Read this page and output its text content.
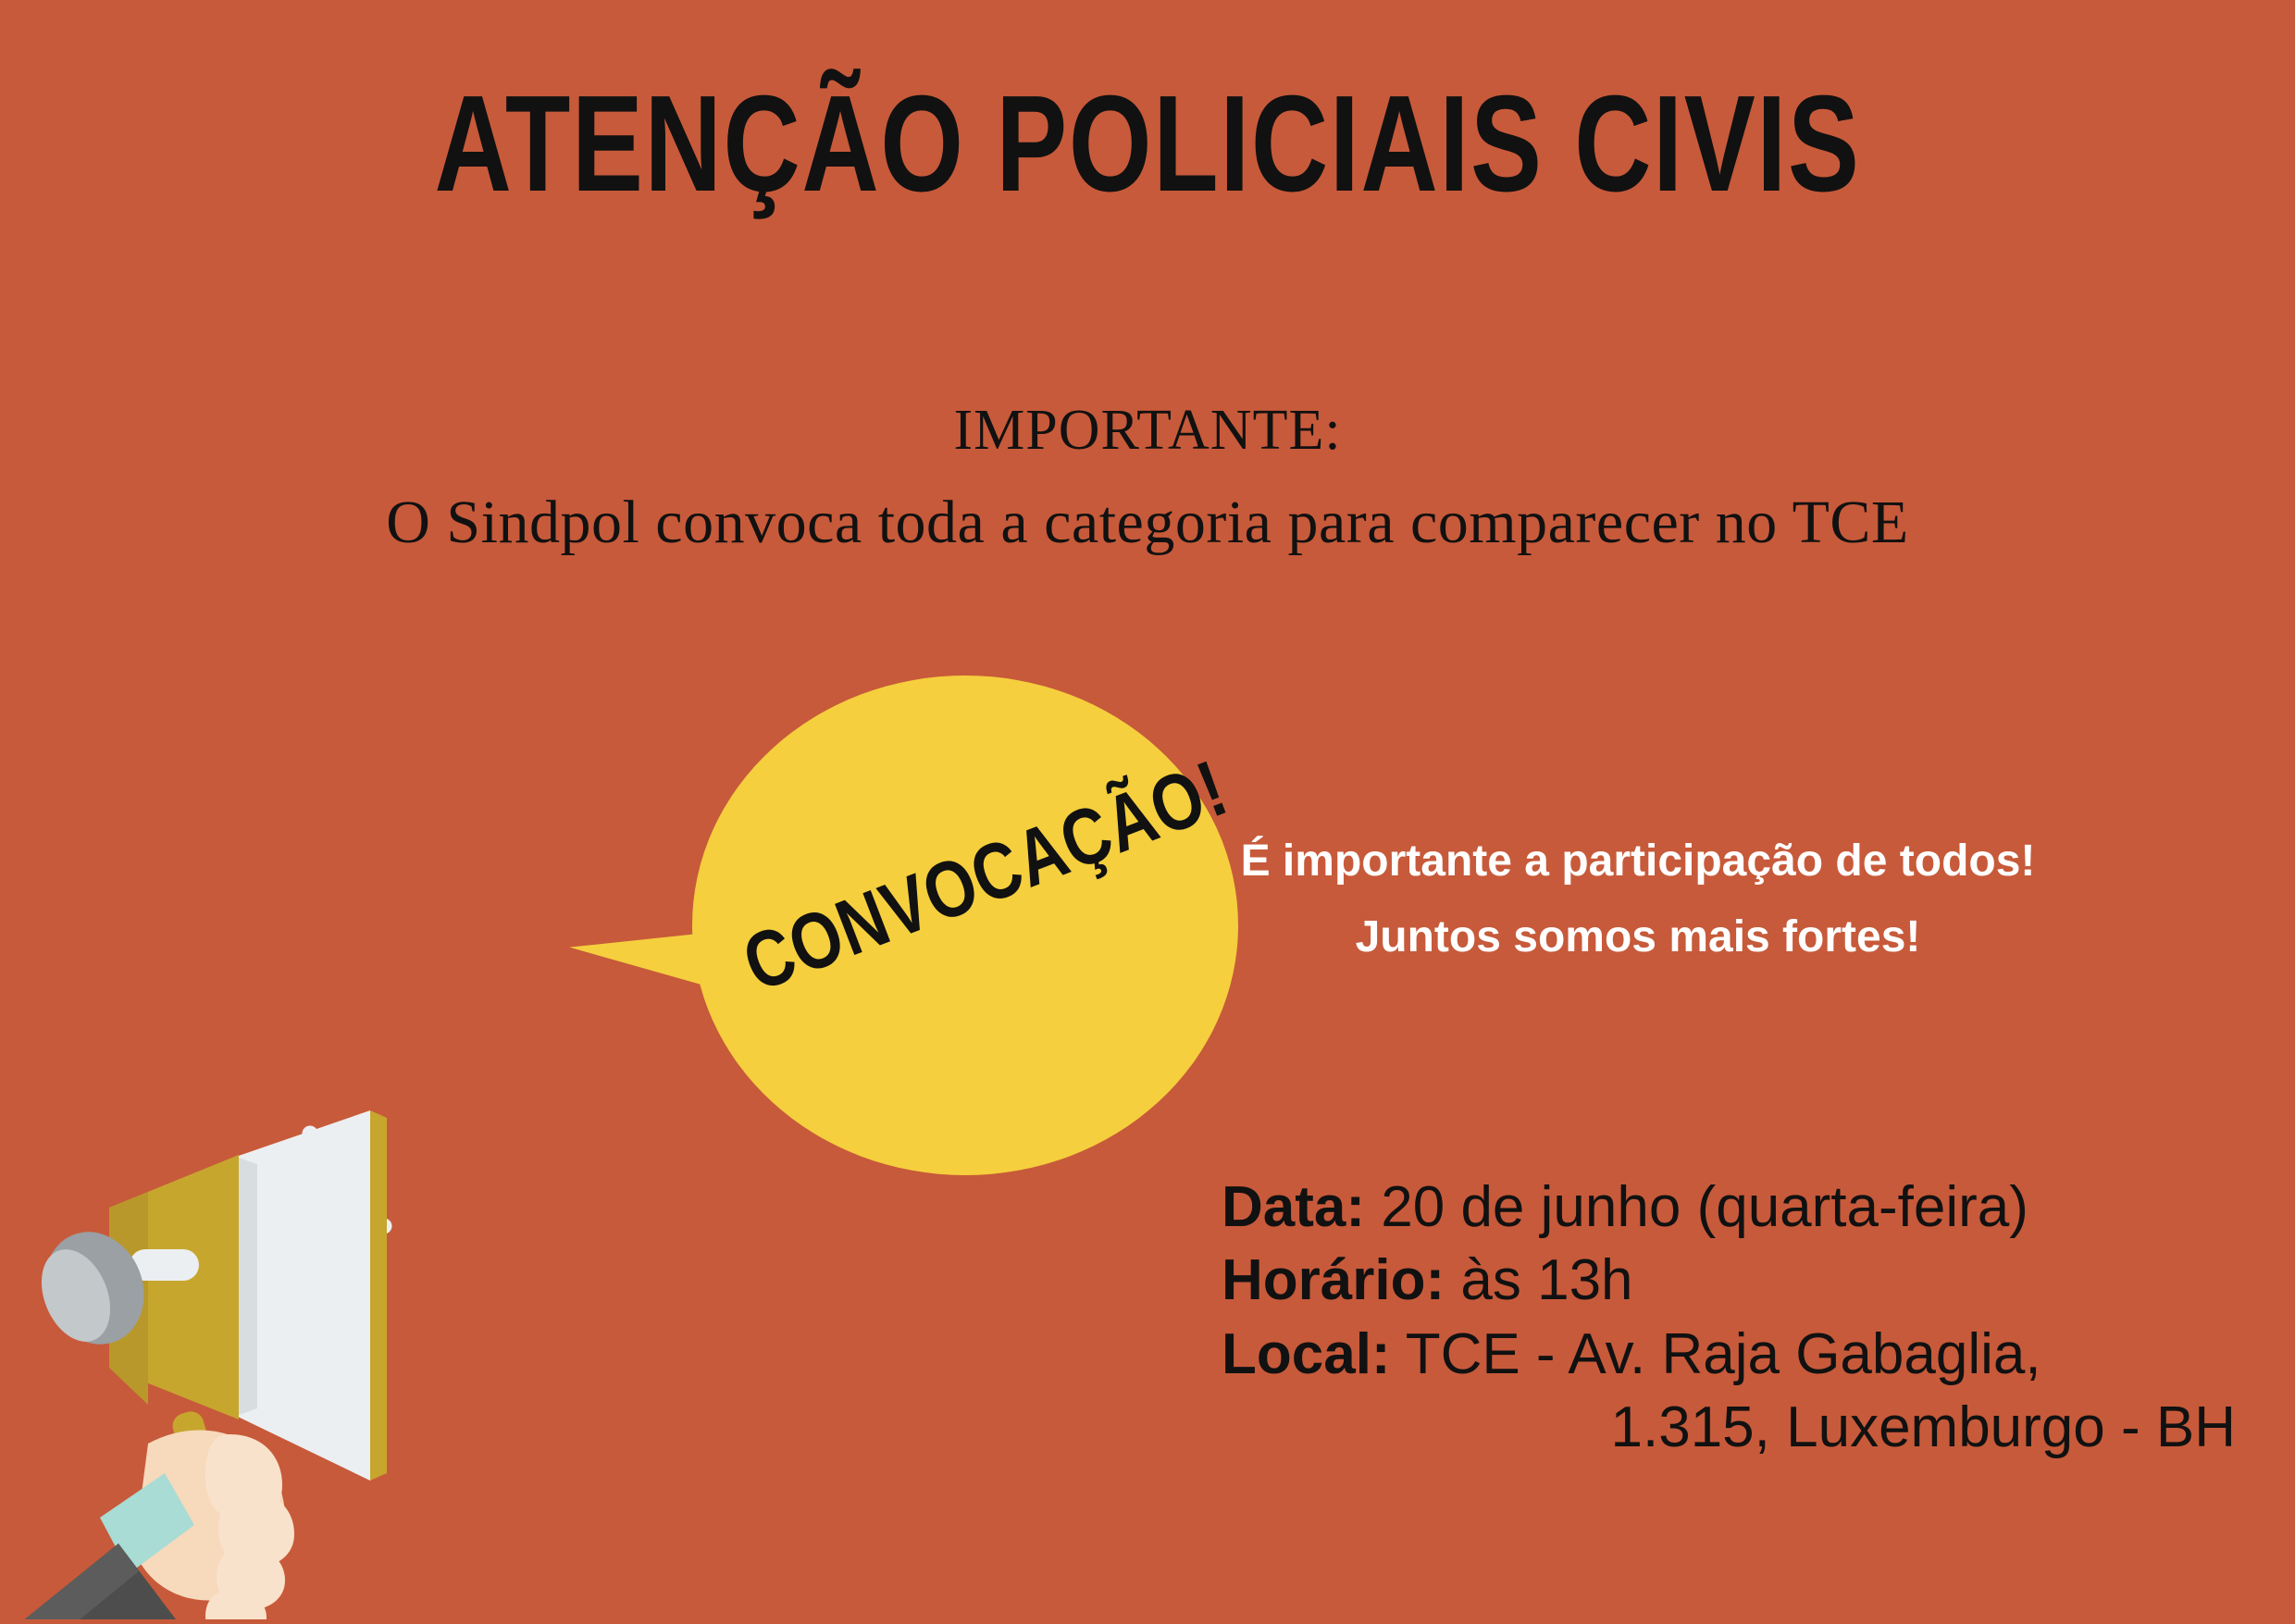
ATENÇÃO POLICIAIS CIVIS
IMPORTANTE:
O Sindpol convoca toda a categoria para comparecer no TCE
CONVOCAÇÃO! É importante a participação de todos!
Juntos somos mais fortes!
Data: 20 de junho (quarta-feira)
Horário: às 13h
Local: TCE - Av. Raja Gabaglia,
1.315, Luxemburgo - BH
